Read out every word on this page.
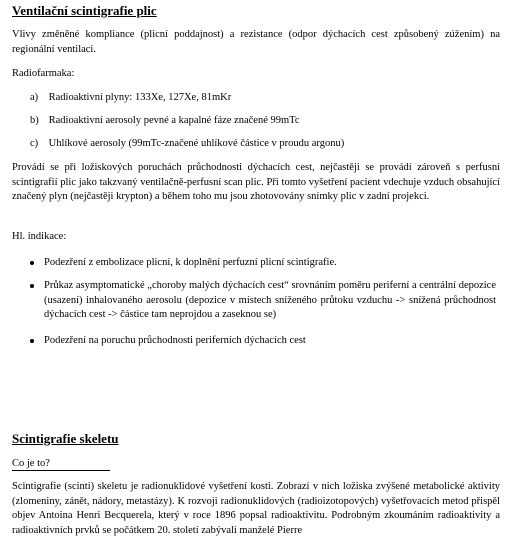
Ventilační scintigrafie plic
Vlivy změněné kompliance (plicní poddajnost) a rezistance (odpor dýchacích cest způsobený zúžením) na regionální ventilaci.
Radiofarmaka:
a) Radioaktivní plyny: 133Xe, 127Xe, 81mKr
b) Radioaktivní aerosoly pevné a kapalné fáze značené 99mTc
c) Uhlíkové aerosoly (99mTc-značené uhlíkové částice v proudu argonu)
Provádí se při ložiskových poruchách průchodnosti dýchacích cest, nejčastěji se provádí zároveň s perfusní scintigrafií plic jako takzvaný ventilačně-perfusní scan plic. Při tomto vyšetření pacient vdechuje vzduch obsahující značený plyn (nejčastěji krypton) a během toho mu jsou zhotovovány snímky plic v zadní projekci.
Hl. indikace:
Podezření z embolizace plicní, k doplnění perfuzní plicní scintigrafie.
Průkaz asymptomatické „choroby malých dýchacích cest“ srovnáním poměru periferní a centrální depozice (usazení) inhalovaného aerosolu (depozice v místech sníženého průtoku vzduchu -> snížená průchodnost dýchacích cest -> částice tam neprojdou a zaseknou se)
Podezření na poruchu průchodnosti periferních dýchacích cest
Scintigrafie skeletu
Co je to?
Scintigrafie (scinti) skeletu je radionuklidové vyšetření kosti. Zobrazí v nich ložiska zvýšené metabolické aktivity (zlomeniny, zánět, nádory, metastázy). K rozvoji radionuklidových (radioizotopových) vyšetřovacích metod přispěl objev Antoina Henri Becquerela, který v roce 1896 popsal radioaktivitu. Podrobným zkoumáním radioaktivity a radioaktivních prvků se počátkem 20. století zabývali manželé Pierre
